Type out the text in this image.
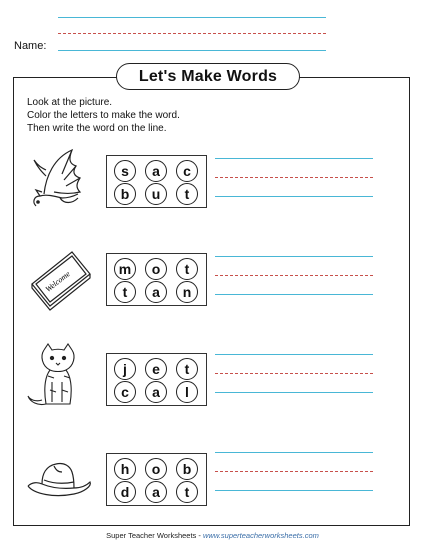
Name:
Let's Make Words
Look at the picture.
Color the letters to make the word.
Then write the word on the line.
s a c
b u t
Welcome
m o t
t a n
j e t
c a l
h o b
d a t
Super Teacher Worksheets - www.superteacherworksheets.com
